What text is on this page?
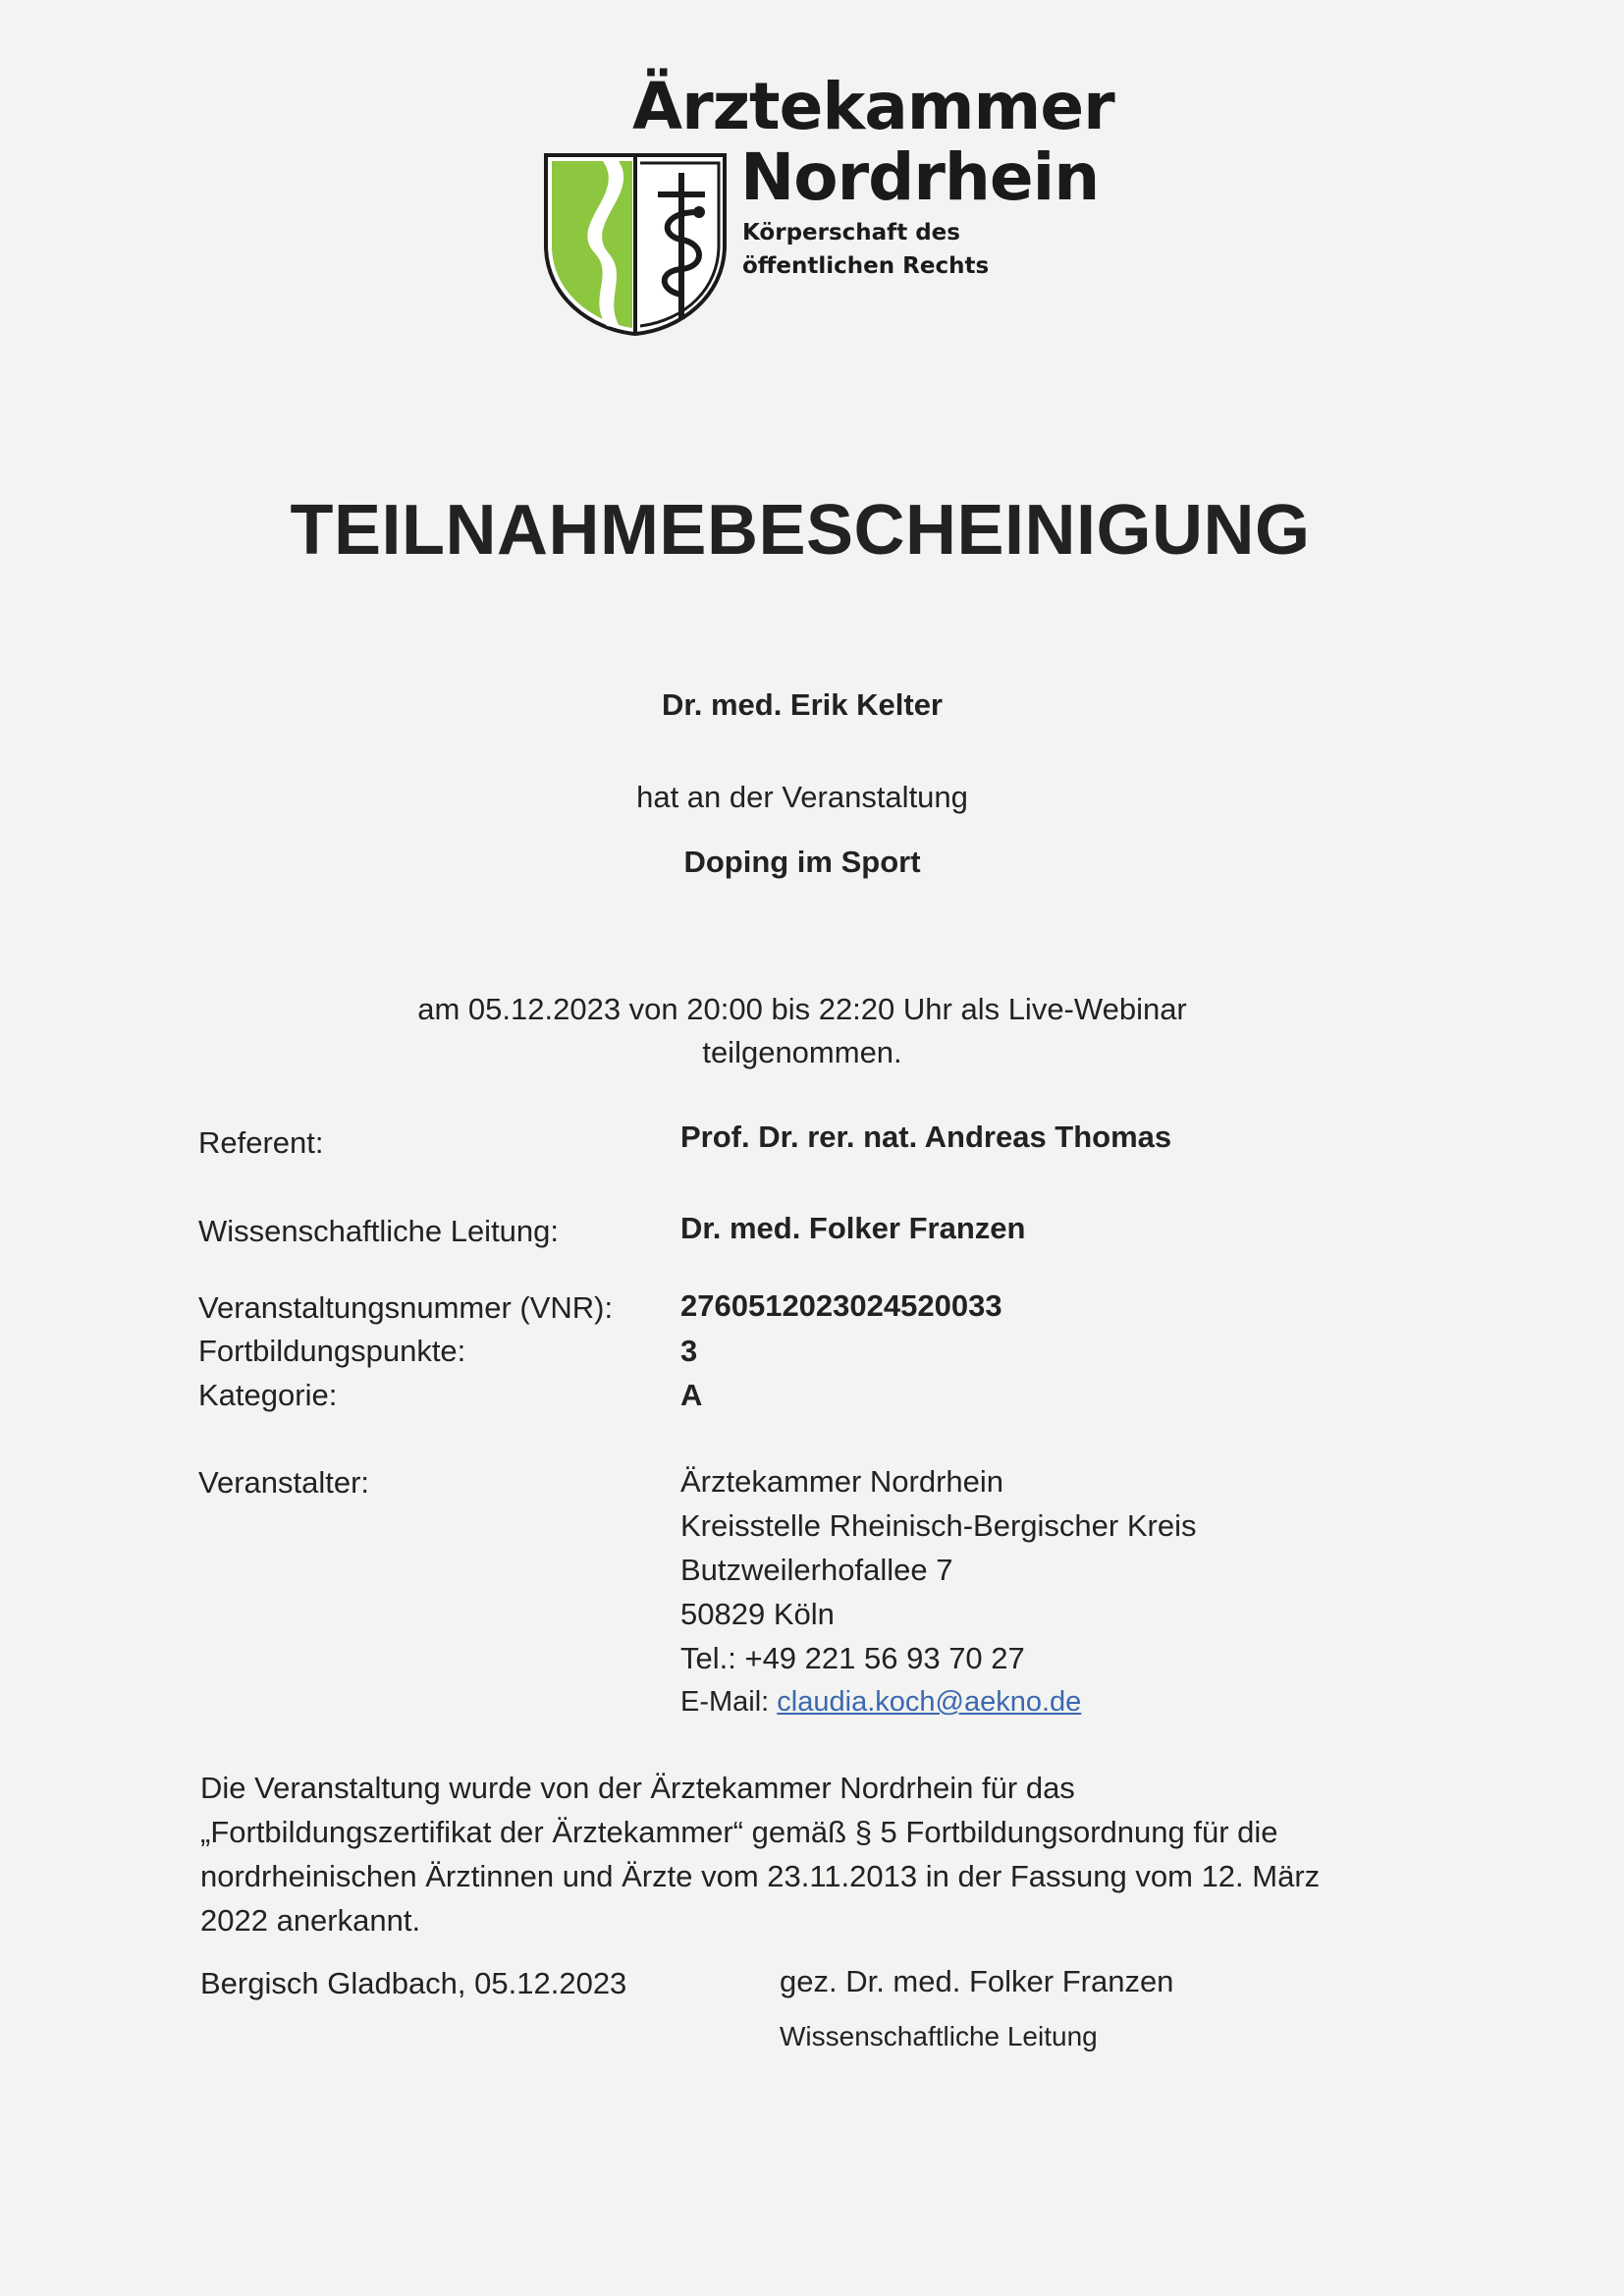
Ärztekammer
Nordrhein
Körperschaft des
öffentlichen Rechts
TEILNAHMEBESCHEINIGUNG
Dr. med. Erik Kelter
hat an der Veranstaltung
Doping im Sport
am 05.12.2023 von 20:00 bis 22:20 Uhr als Live-Webinar
teilgenommen.
Referent:	Prof. Dr. rer. nat. Andreas Thomas
Wissenschaftliche Leitung:	Dr. med. Folker Franzen
Veranstaltungsnummer (VNR): 2760512023024520033
Fortbildungspunkte:	3
Kategorie:	A
Veranstalter:	Ärztekammer Nordrhein
Kreisstelle Rheinisch-Bergischer Kreis
Butzweilerhofallee 7
50829 Köln
Tel.: +49 221 56 93 70 27
E-Mail: claudia.koch@aekno.de
Die Veranstaltung wurde von der Ärztekammer Nordrhein für das
„Fortbildungszertifikat der Ärztekammer“ gemäß § 5 Fortbildungsordnung für die
nordrheinischen Ärztinnen und Ärzte vom 23.11.2013 in der Fassung vom 12. März
2022 anerkannt.
Bergisch Gladbach, 05.12.2023	gez. Dr. med. Folker Franzen
Wissenschaftliche Leitung
